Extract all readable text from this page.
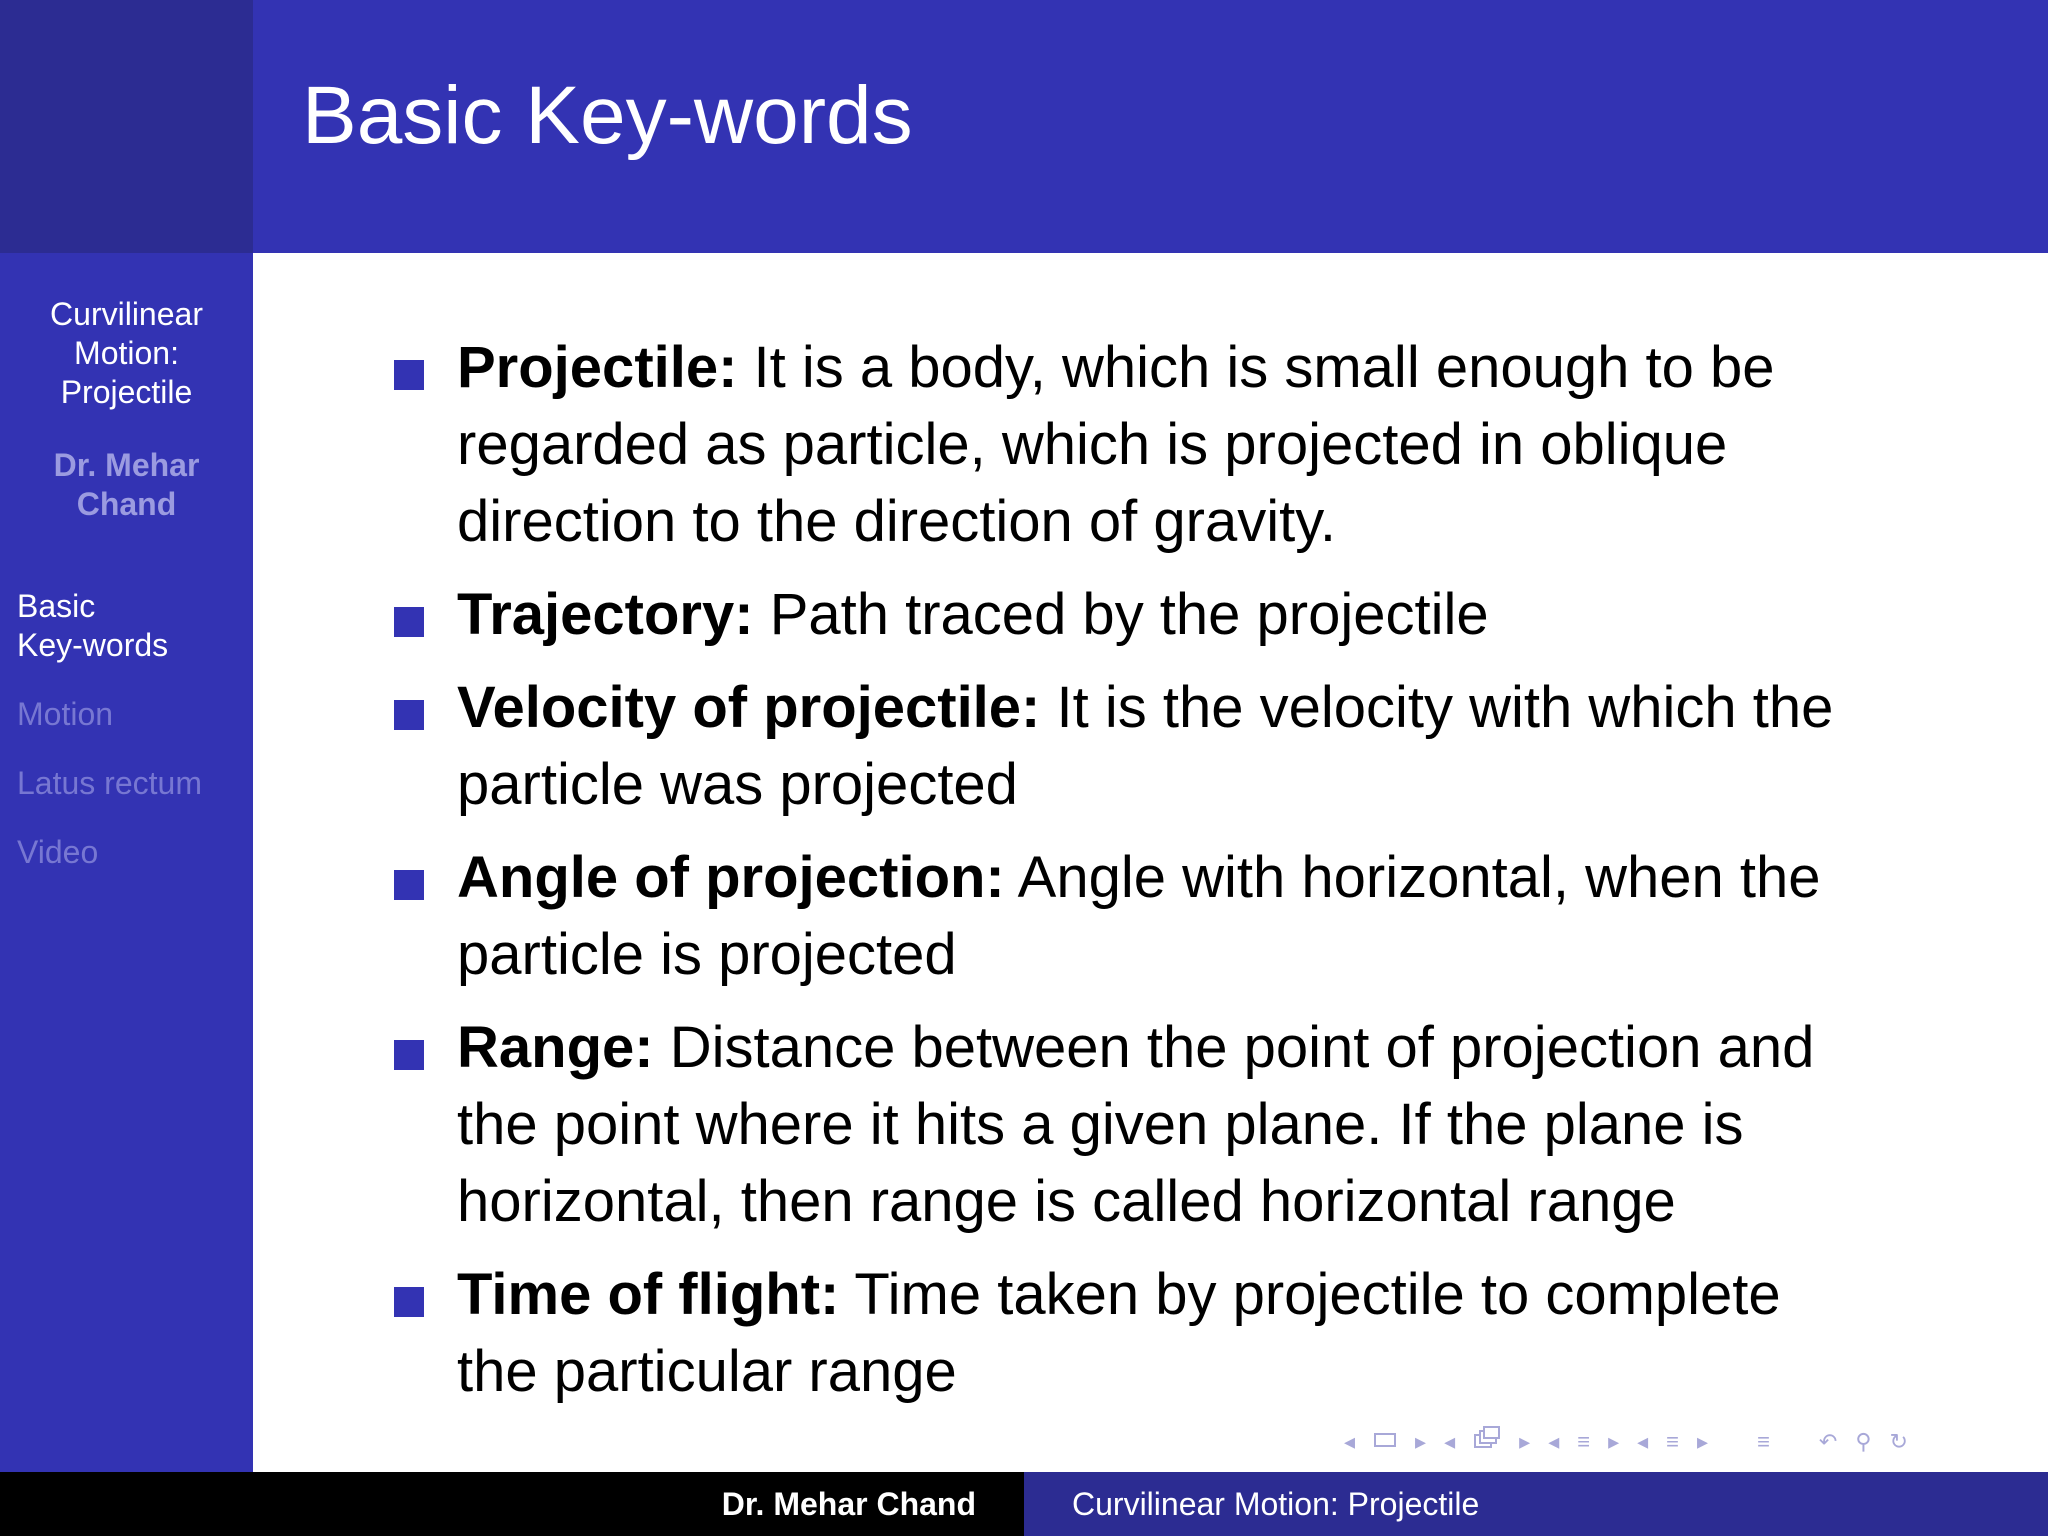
Basic Key-words
Curvilinear
Motion:
Projectile
Dr. Mehar
Chand
Basic
Key-words
Motion
Latus rectum
Video
Projectile: It is a body, which is small enough to be
regarded as particle, which is projected in oblique
direction to the direction of gravity.
Trajectory: Path traced by the projectile
Velocity of projectile: It is the velocity with which the
particle was projected
Angle of projection: Angle with horizontal, when the
particle is projected
Range: Distance between the point of projection and
the point where it hits a given plane. If the plane is
horizontal, then range is called horizontal range
Time of flight: Time taken by projectile to complete
the particular range
◂	▸ ◂	▸ ◂ ≡ ▸ ◂ ≡ ▸ ≡ ↶ ⚲ ↻
Dr. Mehar Chand	Curvilinear Motion: Projectile
